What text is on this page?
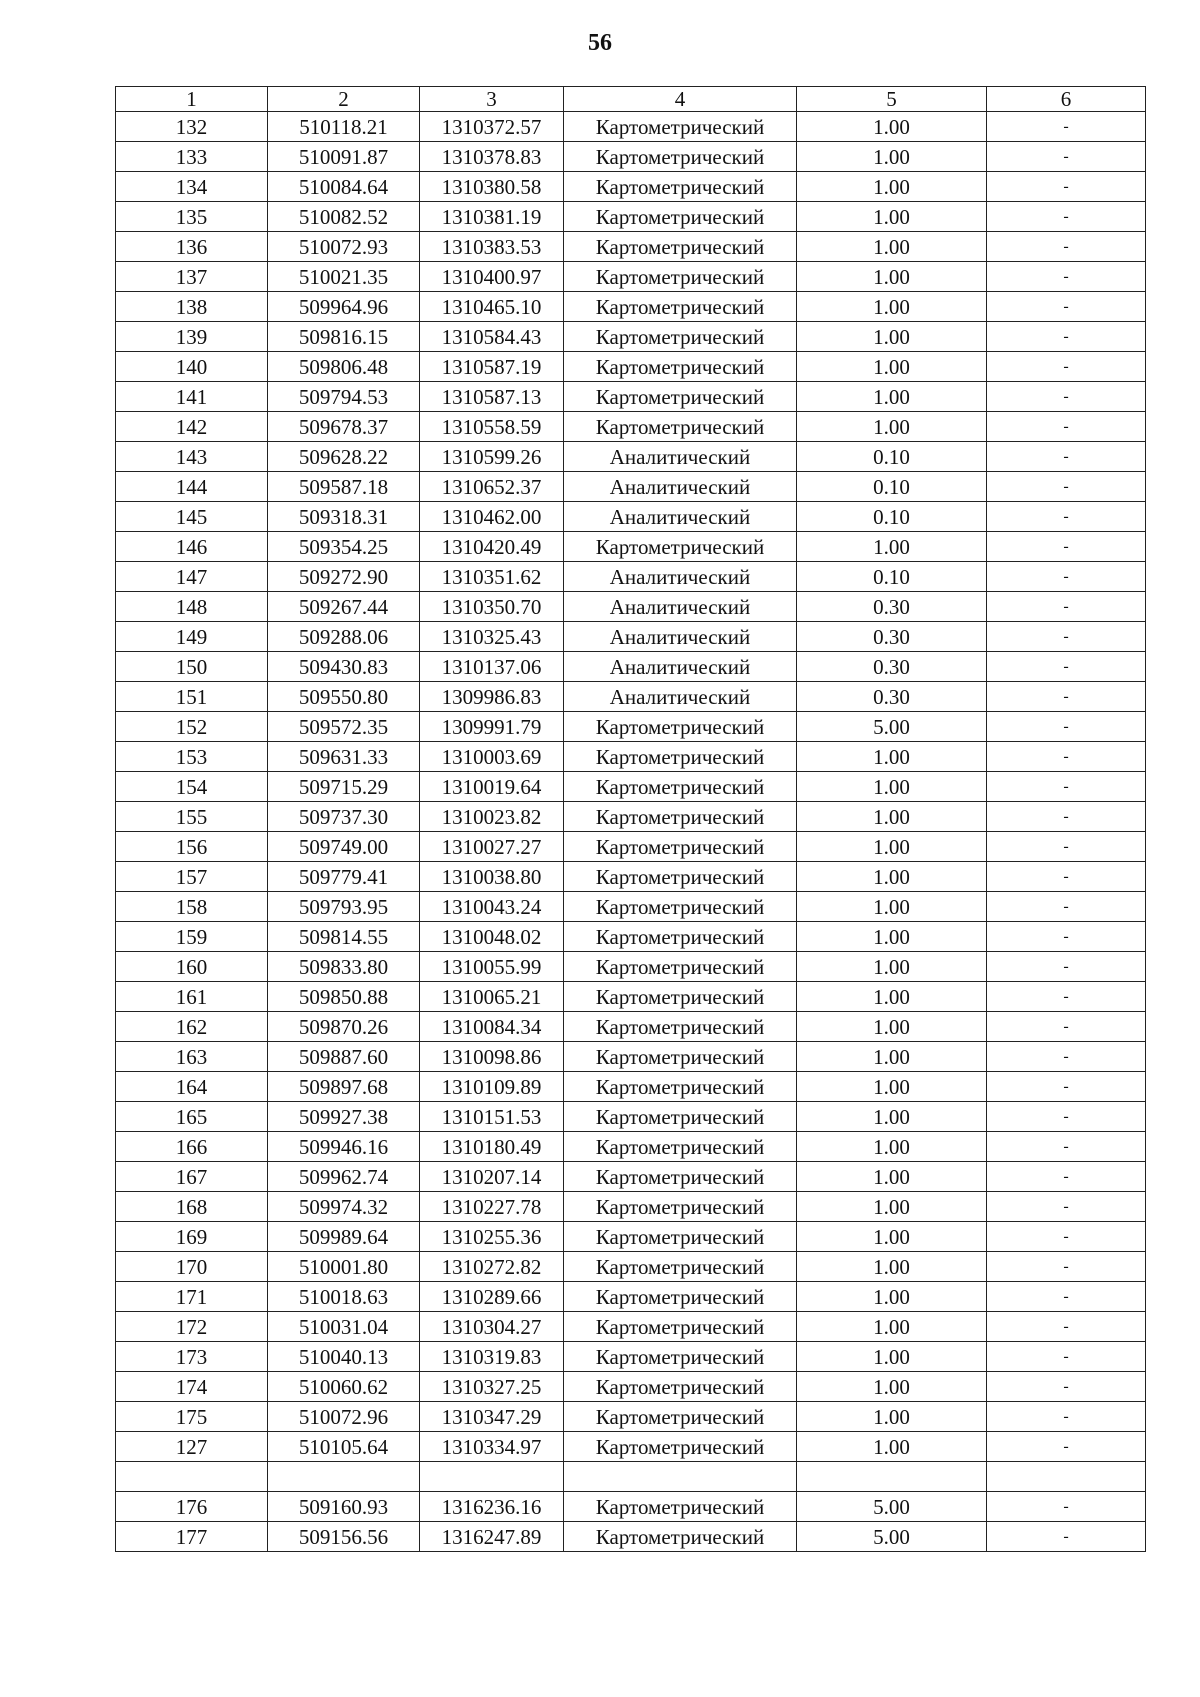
56
1	2	3	4	5	6
132	510118.21	1310372.57	Картометрический	1.00	-
133	510091.87	1310378.83	Картометрический	1.00	-
134	510084.64	1310380.58	Картометрический	1.00	-
135	510082.52	1310381.19	Картометрический	1.00	-
136	510072.93	1310383.53	Картометрический	1.00	-
137	510021.35	1310400.97	Картометрический	1.00	-
138	509964.96	1310465.10	Картометрический	1.00	-
139	509816.15	1310584.43	Картометрический	1.00	-
140	509806.48	1310587.19	Картометрический	1.00	-
141	509794.53	1310587.13	Картометрический	1.00	-
142	509678.37	1310558.59	Картометрический	1.00	-
143	509628.22	1310599.26	Аналитический	0.10	-
144	509587.18	1310652.37	Аналитический	0.10	-
145	509318.31	1310462.00	Аналитический	0.10	-
146	509354.25	1310420.49	Картометрический	1.00	-
147	509272.90	1310351.62	Аналитический	0.10	-
148	509267.44	1310350.70	Аналитический	0.30	-
149	509288.06	1310325.43	Аналитический	0.30	-
150	509430.83	1310137.06	Аналитический	0.30	-
151	509550.80	1309986.83	Аналитический	0.30	-
152	509572.35	1309991.79	Картометрический	5.00	-
153	509631.33	1310003.69	Картометрический	1.00	-
154	509715.29	1310019.64	Картометрический	1.00	-
155	509737.30	1310023.82	Картометрический	1.00	-
156	509749.00	1310027.27	Картометрический	1.00	-
157	509779.41	1310038.80	Картометрический	1.00	-
158	509793.95	1310043.24	Картометрический	1.00	-
159	509814.55	1310048.02	Картометрический	1.00	-
160	509833.80	1310055.99	Картометрический	1.00	-
161	509850.88	1310065.21	Картометрический	1.00	-
162	509870.26	1310084.34	Картометрический	1.00	-
163	509887.60	1310098.86	Картометрический	1.00	-
164	509897.68	1310109.89	Картометрический	1.00	-
165	509927.38	1310151.53	Картометрический	1.00	-
166	509946.16	1310180.49	Картометрический	1.00	-
167	509962.74	1310207.14	Картометрический	1.00	-
168	509974.32	1310227.78	Картометрический	1.00	-
169	509989.64	1310255.36	Картометрический	1.00	-
170	510001.80	1310272.82	Картометрический	1.00	-
171	510018.63	1310289.66	Картометрический	1.00	-
172	510031.04	1310304.27	Картометрический	1.00	-
173	510040.13	1310319.83	Картометрический	1.00	-
174	510060.62	1310327.25	Картометрический	1.00	-
175	510072.96	1310347.29	Картометрический	1.00	-
127	510105.64	1310334.97	Картометрический	1.00	-

176	509160.93	1316236.16	Картометрический	5.00	-
177	509156.56	1316247.89	Картометрический	5.00	-
